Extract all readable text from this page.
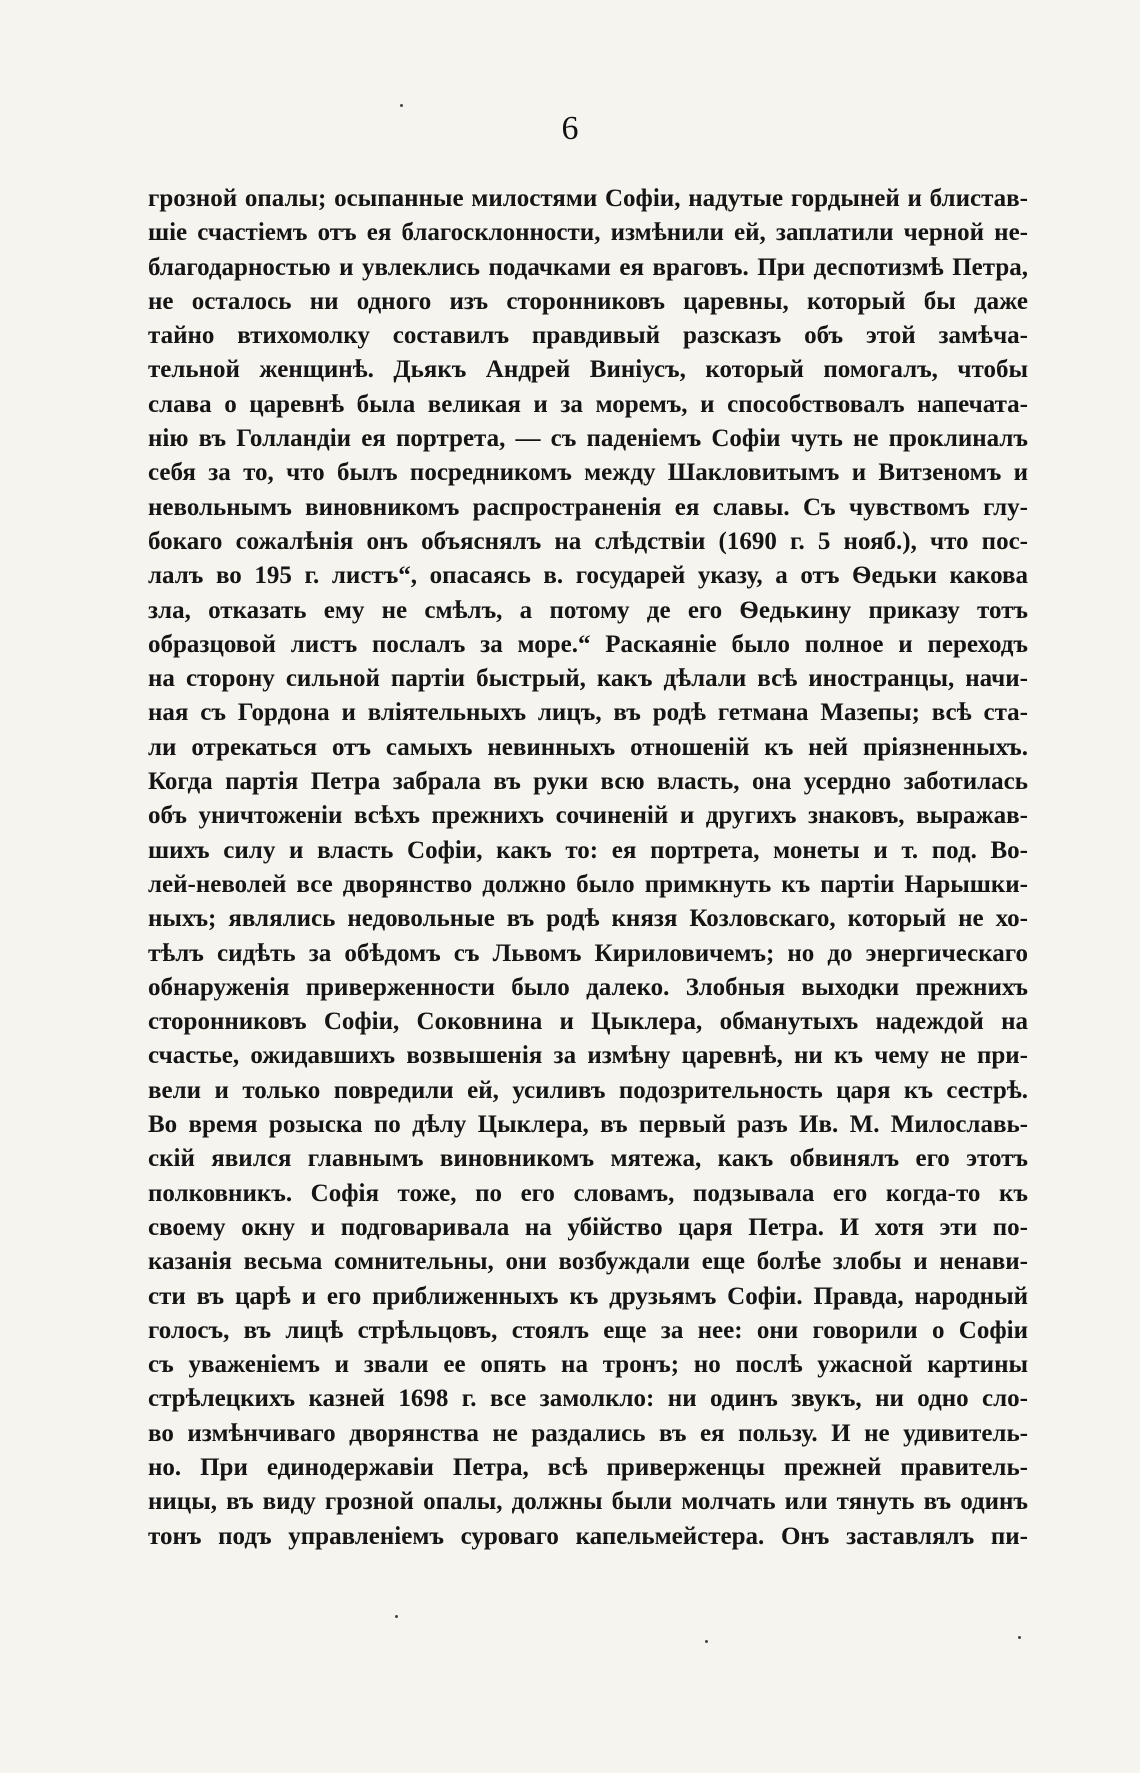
6
грозной опалы; осыпанные милостями Софіи, надутые гордыней и блистав-
шіе счастіемъ отъ ея благосклонности, измѣнили ей, заплатили черной не-
благодарностью и увлеклись подачками ея враговъ. При деспотизмѣ Петра,
не осталось ни одного изъ сторонниковъ царевны, который бы даже
тайно втихомолку составилъ правдивый разсказъ объ этой замѣча-
тельной женщинѣ. Дьякъ Андрей Виніусъ, который помогалъ, чтобы
слава о царевнѣ была великая и за моремъ, и способствовалъ напечата-
нію въ Голландіи ея портрета, — съ паденіемъ Софіи чуть не проклиналъ
себя за то, что былъ посредникомъ между Шакловитымъ и Витзеномъ и
невольнымъ виновникомъ распространенія ея славы. Съ чувствомъ глу-
бокаго сожалѣнія онъ объяснялъ на слѣдствіи (1690 г. 5 нояб.), что пос-
лалъ во 195 г. листъ“, опасаясь в. государей указу, а отъ Ѳедьки какова
зла, отказать ему не смѣлъ, а потому де его Ѳедькину приказу тотъ
образцовой листъ послалъ за море.“ Раскаяніе было полное и переходъ
на сторону сильной партіи быстрый, какъ дѣлали всѣ иностранцы, начи-
ная съ Гордона и вліятельныхъ лицъ, въ родѣ гетмана Мазепы; всѣ ста-
ли отрекаться отъ самыхъ невинныхъ отношеній къ ней пріязненныхъ.
Когда партія Петра забрала въ руки всю власть, она усердно заботилась
объ уничтоженіи всѣхъ прежнихъ сочиненій и другихъ знаковъ, выражав-
шихъ силу и власть Софіи, какъ то: ея портрета, монеты и т. под. Во-
лей-неволей все дворянство должно было примкнуть къ партіи Нарышки-
ныхъ; являлись недовольные въ родѣ князя Козловскаго, который не хо-
тѣлъ сидѣть за обѣдомъ съ Львомъ Кириловичемъ; но до энергическаго
обнаруженія приверженности было далеко. Злобныя выходки прежнихъ
сторонниковъ Софіи, Соковнина и Цыклера, обманутыхъ надеждой на
счастье, ожидавшихъ возвышенія за измѣну царевнѣ, ни къ чему не при-
вели и только повредили ей, усиливъ подозрительность царя къ сестрѣ.
Во время розыска по дѣлу Цыклера, въ первый разъ Ив. М. Милославь-
скій явился главнымъ виновникомъ мятежа, какъ обвинялъ его этотъ
полковникъ. Софія тоже, по его словамъ, подзывала его когда-то къ
своему окну и подговаривала на убійство царя Петра. И хотя эти по-
казанія весьма сомнительны, они возбуждали еще болѣе злобы и ненави-
сти въ царѣ и его приближенныхъ къ друзьямъ Софіи. Правда, народный
голосъ, въ лицѣ стрѣльцовъ, стоялъ еще за нее: они говорили о Софіи
съ уваженіемъ и звали ее опять на тронъ; но послѣ ужасной картины
стрѣлецкихъ казней 1698 г. все замолкло: ни одинъ звукъ, ни одно сло-
во измѣнчиваго дворянства не раздались въ ея пользу. И не удивитель-
но. При единодержавіи Петра, всѣ приверженцы прежней правитель-
ницы, въ виду грозной опалы, должны были молчать или тянуть въ одинъ
тонъ подъ управленіемъ суроваго капельмейстера. Онъ заставлялъ пи-
